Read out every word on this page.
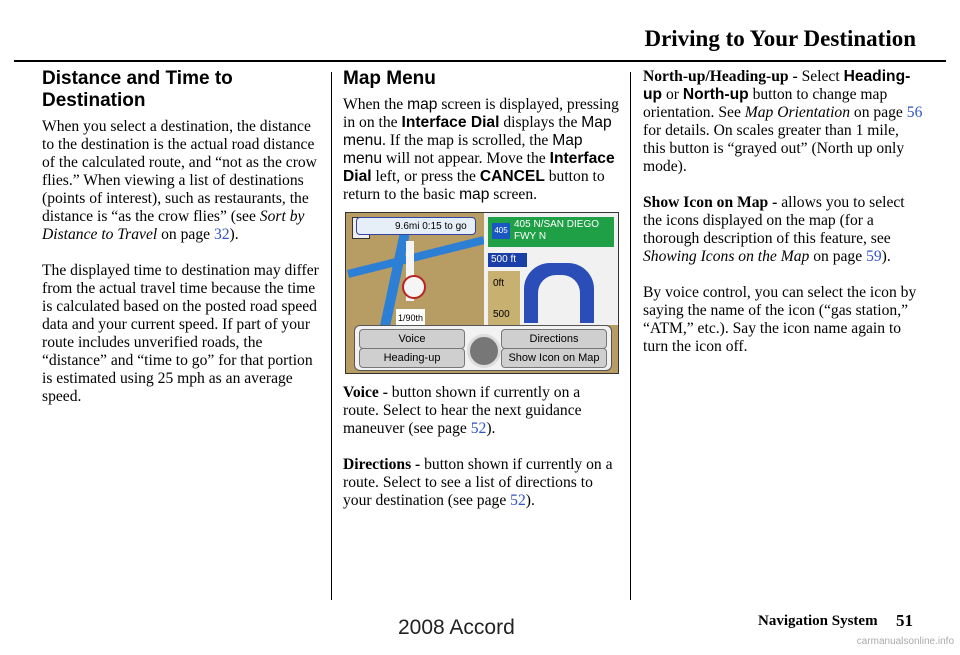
Driving to Your Destination
Distance and Time to Destination

When you select a destination, the distance to the destination is the actual road distance of the calculated route, and “not as the crow flies.” When viewing a list of destinations (points of interest), such as restaurants, the distance is “as the crow flies” (see Sort by Distance to Travel on page 32).

The displayed time to destination may differ from the actual travel time because the time is calculated based on the posted road speed data and your current speed. If part of your route includes unverified roads, the “distance” and “time to go” for that portion is estimated using 25 mph as an average speed.

Map Menu

When the map screen is displayed, pressing in on the Interface Dial displays the Map menu. If the map is scrolled, the Map menu will not appear. Move the Interface Dial left, or press the CANCEL button to return to the basic map screen.

9.6mi 0:15 to go
1/90th
405
405 N/SAN DIEGO FWY N
500 ft
0ft
500
Voice	Directions
Heading-up	Show Icon on Map

Voice - button shown if currently on a route. Select to hear the next guidance maneuver (see page 52).

Directions - button shown if currently on a route. Select to see a list of directions to your destination (see page 52).

North-up/Heading-up - Select Heading-up or North-up button to change map orientation. See Map Orientation on page 56 for details. On scales greater than 1 mile, this button is “grayed out” (North up only mode).

Show Icon on Map - allows you to select the icons displayed on the map (for a thorough description of this feature, see Showing Icons on the Map on page 59).

By voice control, you can select the icon by saying the name of the icon (“gas station,” “ATM,” etc.). Say the icon name again to turn the icon off.

Navigation System 51
2008 Accord
carmanualsonline.info
